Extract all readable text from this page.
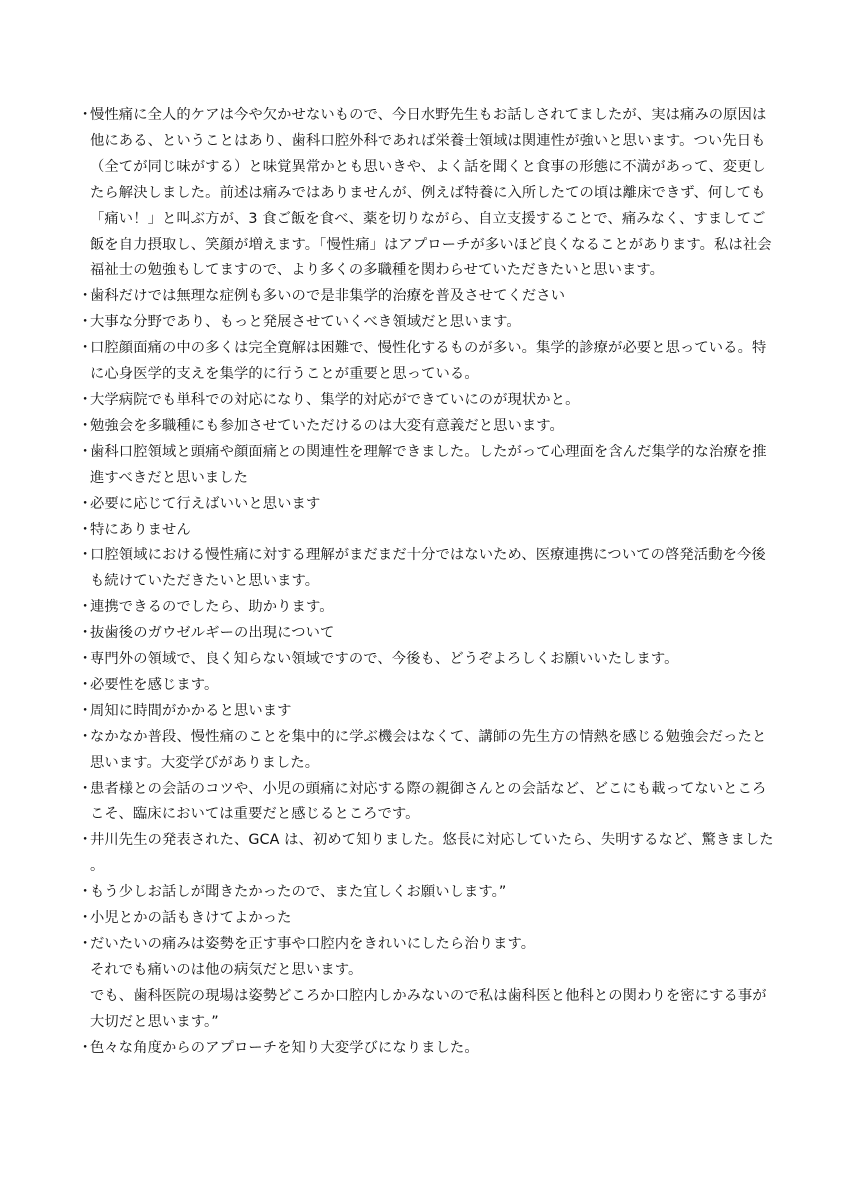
・
慢性痛に全人的ケアは今や欠かせないもので、今日水野先生もお話しされてましたが、実は痛みの原因は他にある、ということはあり、歯科口腔外科であれば栄養士領域は関連性が強いと思います。つい先日も（全てが同じ味がする）と味覚異常かとも思いきや、よく話を聞くと食事の形態に不満があって、変更したら解決しました。前述は痛みではありませんが、例えば特養に入所したての頃は離床できず、何しても「痛い！」と叫ぶ方が、3 食ご飯を食べ、薬を切りながら、自立支援することで、痛みなく、すましてご飯を自力摂取し、笑顔が増えます。「慢性痛」はアプローチが多いほど良くなることがあります。私は社会福祉士の勉強もしてますので、より多くの多職種を関わらせていただきたいと思います。
・
歯科だけでは無理な症例も多いので是非集学的治療を普及させてください
・
大事な分野であり、もっと発展させていくべき領域だと思います。
・
口腔顔面痛の中の多くは完全寛解は困難で、慢性化するものが多い。集学的診療が必要と思っている。特に心身医学的支えを集学的に行うことが重要と思っている。
・
大学病院でも単科での対応になり、集学的対応ができていにのが現状かと。
・
勉強会を多職種にも参加させていただけるのは大変有意義だと思います。
・
歯科口腔領域と頭痛や顔面痛との関連性を理解できました。したがって心理面を含んだ集学的な治療を推進すべきだと思いました
・
必要に応じて行えばいいと思います
・
特にありません
・
口腔領域における慢性痛に対する理解がまだまだ十分ではないため、医療連携についての啓発活動を今後も続けていただきたいと思います。
・
連携できるのでしたら、助かります。
・
抜歯後のガウゼルギーの出現について
・
専門外の領域で、良く知らない領域ですので、今後も、どうぞよろしくお願いいたします。
・
必要性を感じます。
・
周知に時間がかかると思います
・
なかなか普段、慢性痛のことを集中的に学ぶ機会はなくて、講師の先生方の情熱を感じる勉強会だったと思います。大変学びがありました。
・
患者様との会話のコツや、小児の頭痛に対応する際の親御さんとの会話など、どこにも載ってないところこそ、臨床においては重要だと感じるところです。
・
井川先生の発表された、GCA は、初めて知りました。悠長に対応していたら、失明するなど、驚きました。
・
もう少しお話しが聞きたかったので、また宜しくお願いします。”
・
小児とかの話もきけてよかった
・
だいたいの痛みは姿勢を正す事や口腔内をきれいにしたら治ります。
それでも痛いのは他の病気だと思います。
でも、歯科医院の現場は姿勢どころか口腔内しかみないので私は歯科医と他科との関わりを密にする事が大切だと思います。”
・
色々な角度からのアプローチを知り大変学びになりました。
